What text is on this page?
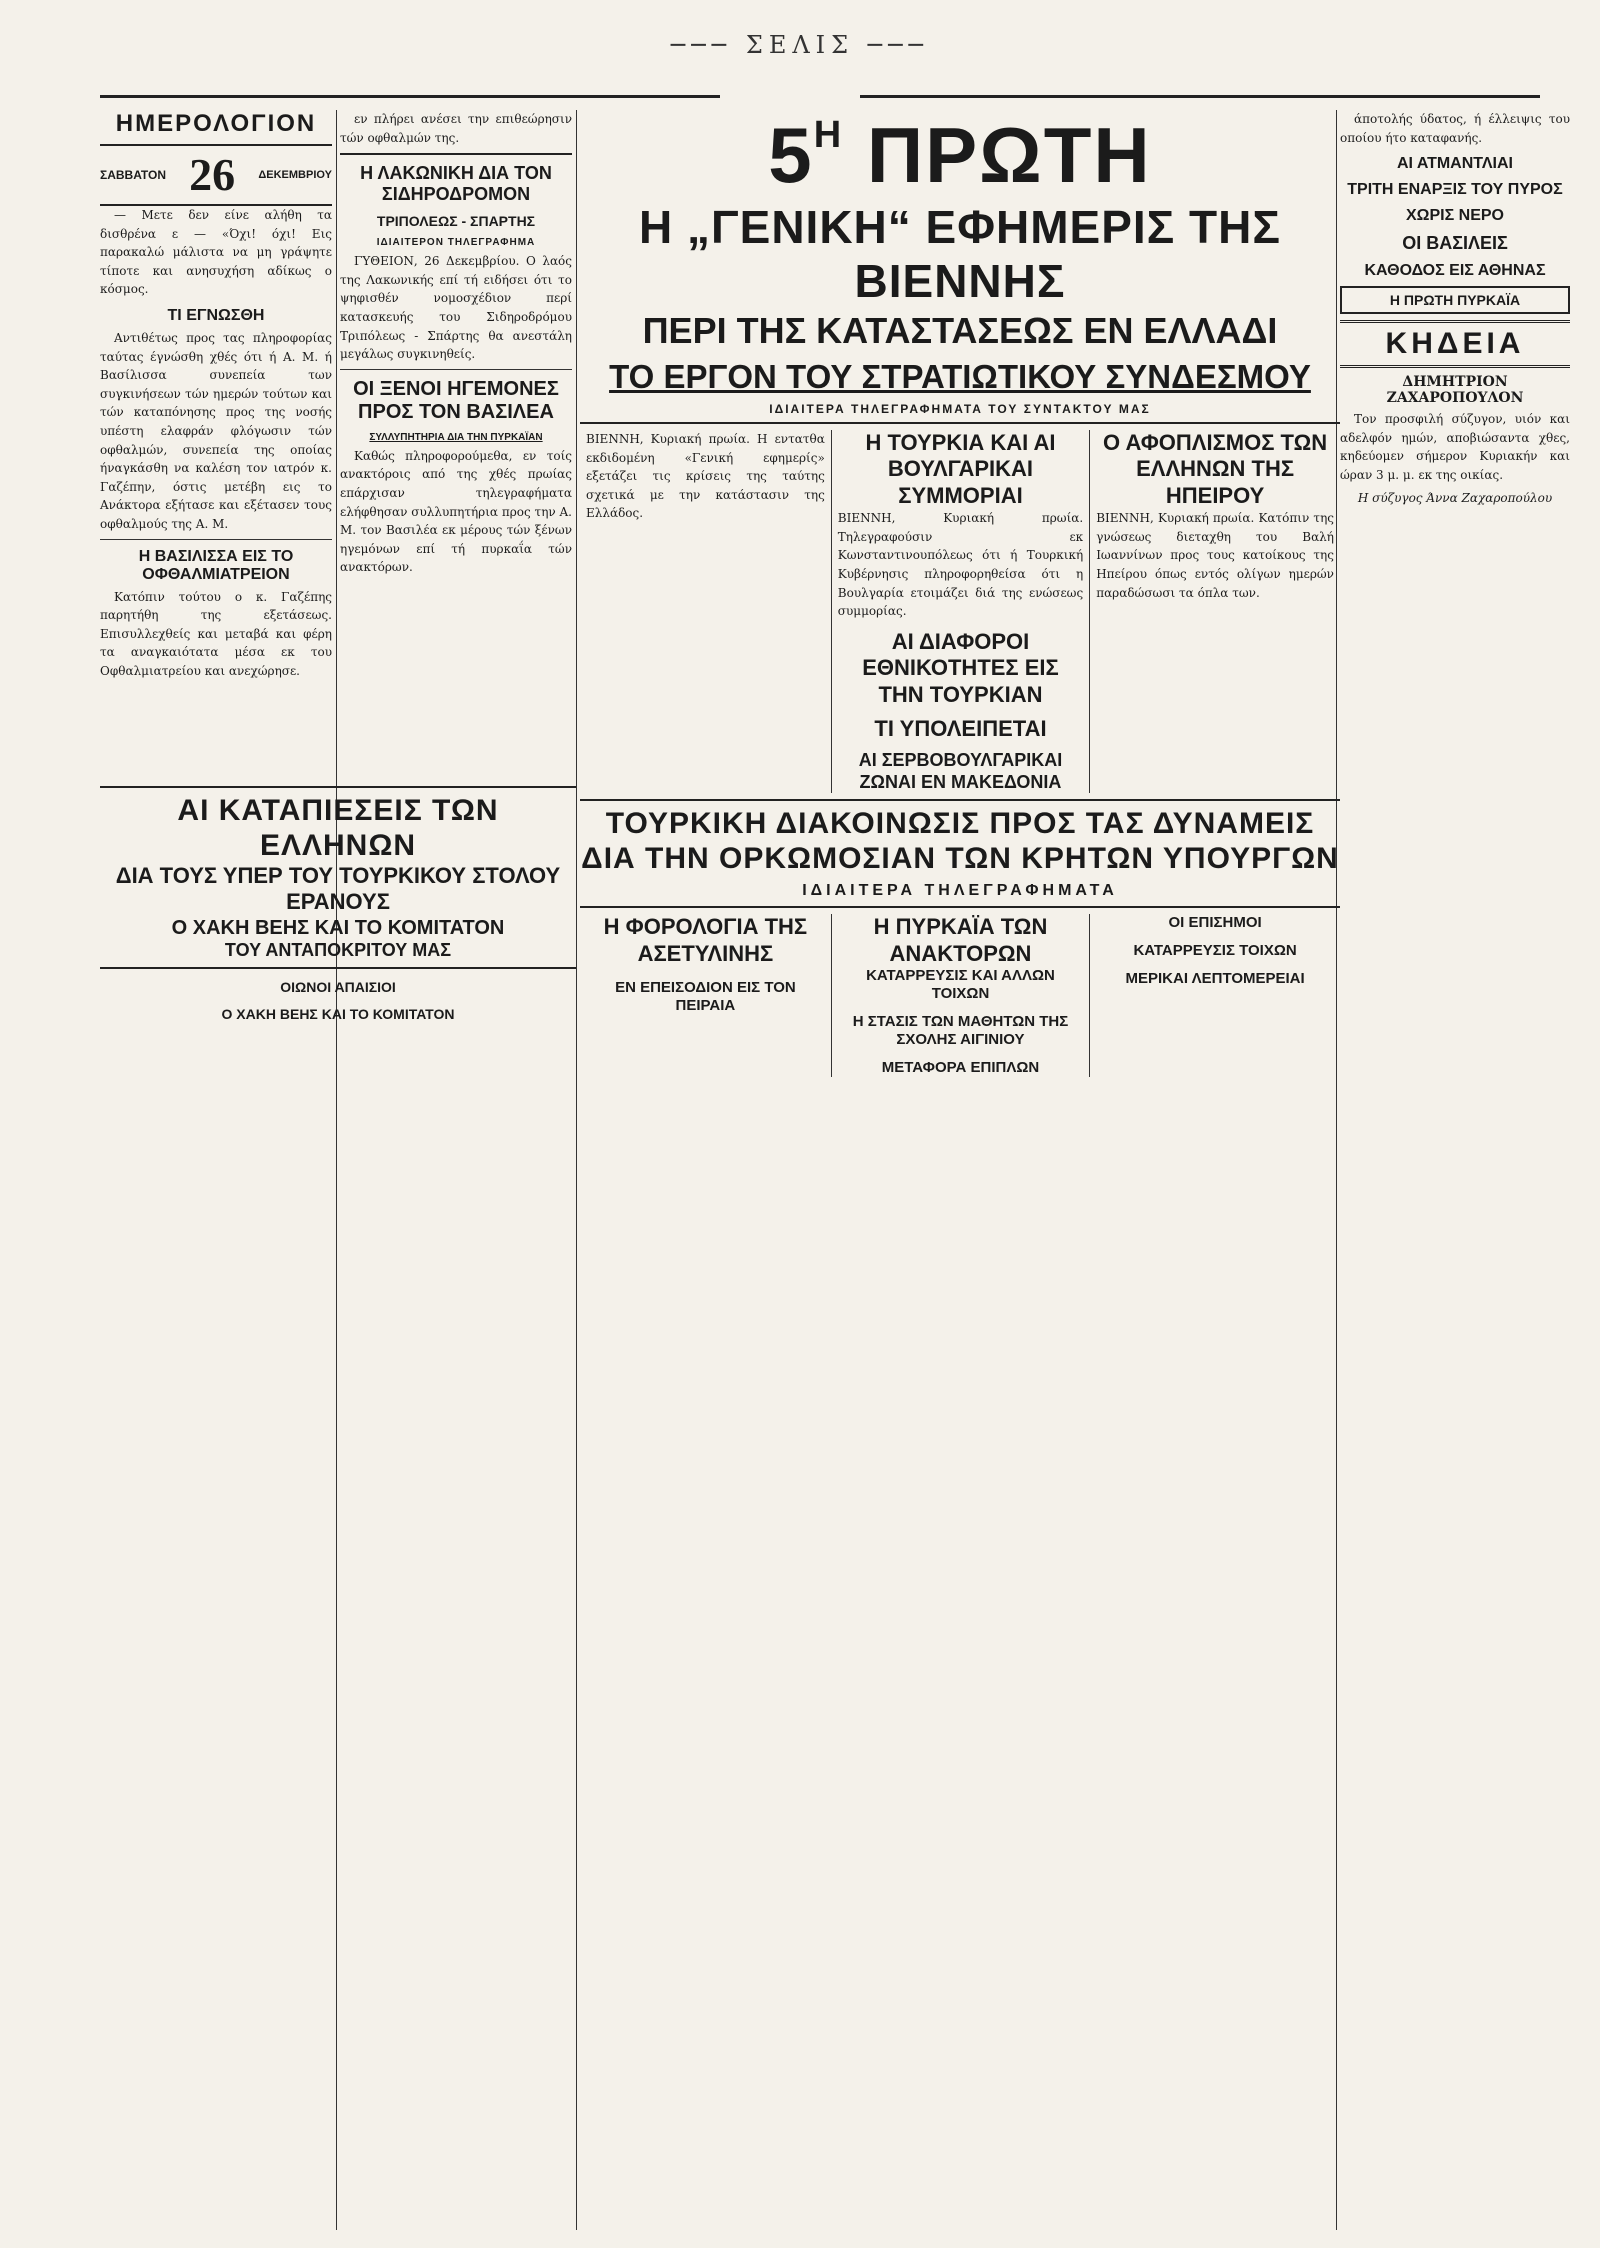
─── ΣΕΛΙΣ ───
ΗΜΕΡΟΛΟΓΙΟΝ
ΣΑΒΒΑΤΟΝ 26 ΔΕΚΕΜΒΡΙΟΥ

— Μετε δεν είνε αλήθη τα δισθρένα ε — «Όχι! όχι! Εις παρακαλώ μάλιστα να μη γράψητε τίποτε και ανησυχήση αδίκως ο κόσμος.

ΤΙ ΕΓΝΩΣΘΗ

Αντιθέτως προς τας πληροφορίας ταύτας έγνώσθη χθές ότι ή Α. Μ. ή Βασίλισσα συνεπεία των συγκινήσεων τών ημερών τούτων και τών καταπόνησης προς της νοσής υπέστη ελαφράν φλόγωσιν τών οφθαλμών, συνεπεία της οποίας ήναγκάσθη να καλέση τον ιατρόν κ. Γαζέπην, όστις μετέβη εις το Ανάκτορα εξήτασε και εξέτασεν τους οφθαλμούς της Α. Μ.

Η ΒΑΣΙΛΙΣΣΑ ΕΙΣ ΤΟ ΟΦΘΑΛΜΙΑΤΡΕΙΟΝ

Κατόπιν τούτου ο κ. Γαζέπης παρητήθη της εξετάσεως. Επισυλλεχθείς και μεταβά και φέρη τα αναγκαιότατα μέσα εκ του Οφθαλμιατρείου και ανεχώρησε.

εν πλήρει ανέσει την επιθεώρησιν τών οφθαλμών της.

Η ΛΑΚΩΝΙΚΗ ΔΙΑ ΤΟΝ ΣΙΔΗΡΟΔΡΟΜΟΝ
ΤΡΙΠΟΛΕΩΣ - ΣΠΑΡΤΗΣ
ΙΔΙΑΙΤΕΡΟΝ ΤΗΛΕΓΡΑΦΗΜΑ

ΓΥΘΕΙΟΝ, 26 Δεκεμβρίου. Ο λαός της Λακωνικής επί τή ειδήσει ότι το ψηφισθέν νομοσχέδιον περί κατασκευής του Σιδηροδρόμου Τριπόλεως - Σπάρτης θα ανεστάλη μεγάλως συγκινηθείς.

ΟΙ ΞΕΝΟΙ ΗΓΕΜΟΝΕΣ ΠΡΟΣ ΤΟΝ ΒΑΣΙΛΕΑ
ΣΥΛΛΥΠΗΤΗΡΙΑ ΔΙΑ ΤΗΝ ΠΥΡΚΑΪΑΝ

Καθώς πληροφορούμεθα, εν τοίς ανακτόροις από της χθές πρωίας επάρχισαν τηλεγραφήματα ελήφθησαν συλλυπητήρια προς την Α. Μ. τον Βασιλέα εκ μέρους τών ξένων ηγεμόνων επί τή πυρκαΐα τών ανακτόρων.

$5^H$ ΠΡΩΤΗ
Η „ΓΕΝΙΚΗ“ ΕΦΗΜΕΡΙΣ ΤΗΣ ΒΙΕΝΝΗΣ
ΠΕΡΙ ΤΗΣ ΚΑΤΑΣΤΑΣΕΩΣ ΕΝ ΕΛΛΑΔΙ
ΤΟ ΕΡΓΟΝ ΤΟΥ ΣΤΡΑΤΙΩΤΙΚΟΥ ΣΥΝΔΕΣΜΟΥ
ΙΔΙΑΙΤΕΡΑ ΤΗΛΕΓΡΑΦΗΜΑΤΑ ΤΟΥ ΣΥΝΤΑΚΤΟΥ ΜΑΣ
ΒΙΕΝΝΗ, Κυριακή πρωία. Η εντατθα εκδιδομένη «Γενική εφημερίς» εξετάζει τις κρίσεις της ταύτης σχετικά με την κατάστασιν της Ελλάδος.
Η ΤΟΥΡΚΙΑ ΚΑΙ ΑΙ ΒΟΥΛΓΑΡΙΚΑΙ ΣΥΜΜΟΡΙΑΙ
ΒΙΕΝΝΗ, Κυριακή πρωία. Τηλεγραφούσιν εκ Κωνσταντινουπόλεως ότι ή Τουρκική Κυβέρνησις πληροφορηθείσα ότι η Βουλγαρία ετοιμάζει διά της ενώσεως συμμορίας.
ΑΙ ΔΙΑΦΟΡΟΙ ΕΘΝΙΚΟΤΗΤΕΣ ΕΙΣ ΤΗΝ ΤΟΥΡΚΙΑΝ
ΤΙ ΥΠΟΛΕΙΠΕΤΑΙ
ΑΙ ΣΕΡΒΟΒΟΥΛΓΑΡΙΚΑΙ ΖΩΝΑΙ ΕΝ ΜΑΚΕΔΟΝΙΑ
Ο ΑΦΟΠΛΙΣΜΟΣ ΤΩΝ ΕΛΛΗΝΩΝ ΤΗΣ ΗΠΕΙΡΟΥ
ΒΙΕΝΝΗ, Κυριακή πρωία. Κατόπιν της γνώσεως διεταχθη του Βαλή Ιωαννίνων προς τους κατοίκους της Ηπείρου όπως εντός ολίγων ημερών παραδώσωσι τα όπλα των.
ΤΟΥΡΚΙΚΗ ΔΙΑΚΟΙΝΩΣΙΣ ΠΡΟΣ ΤΑΣ ΔΥΝΑΜΕΙΣ
ΔΙΑ ΤΗΝ ΟΡΚΩΜΟΣΙΑΝ ΤΩΝ ΚΡΗΤΩΝ ΥΠΟΥΡΓΩΝ
ΙΔΙΑΙΤΕΡΑ ΤΗΛΕΓΡΑΦΗΜΑΤΑ
Η ΦΟΡΟΛΟΓΙΑ ΤΗΣ ΑΣΕΤΥΛΙΝΗΣ
ΕΝ ΕΠΕΙΣΟΔΙΟΝ ΕΙΣ ΤΟΝ ΠΕΙΡΑΙΑ
Η ΠΥΡΚΑΪΑ ΤΩΝ ΑΝΑΚΤΟΡΩΝ
ΚΑΤΑΡΡΕΥΣΙΣ ΚΑΙ ΑΛΛΩΝ ΤΟΙΧΩΝ
Η ΣΤΑΣΙΣ ΤΩΝ ΜΑΘΗΤΩΝ ΤΗΣ ΣΧΟΛΗΣ ΑΙΓΙΝΙΟΥ
ΜΕΤΑΦΟΡΑ ΕΠΙΠΛΩΝ
ΟΙ ΕΠΙΣΗΜΟΙ
ΚΑΤΑΡΡΕΥΣΙΣ ΤΟΙΧΩΝ
ΜΕΡΙΚΑΙ ΛΕΠΤΟΜΕΡΕΙΑΙ
ΑΙ ΚΑΤΑΠΙΕΣΕΙΣ ΤΩΝ ΕΛΛΗΝΩΝ
ΔΙΑ ΤΟΥΣ ΥΠΕΡ ΤΟΥ ΤΟΥΡΚΙΚΟΥ ΣΤΟΛΟΥ ΕΡΑΝΟΥΣ
Ο ΧΑΚΗ ΒΕΗΣ ΚΑΙ ΤΟ ΚΟΜΙΤΑΤΟΝ
ΤΟΥ ΑΝΤΑΠΟΚΡΙΤΟΥ ΜΑΣ
ΟΙΩΝΟΙ ΑΠΑΙΣΙΟΙ
Ο ΧΑΚΗ ΒΕΗΣ ΚΑΙ ΤΟ ΚΟΜΙΤΑΤΟΝ

άποτολής ύδατος, ή έλλειψις του οποίου ήτο καταφανής.

ΑΙ ΑΤΜΑΝΤΛΙΑΙ
ΤΡΙΤΗ ΕΝΑΡΞΙΣ ΤΟΥ ΠΥΡΟΣ
ΧΩΡΙΣ ΝΕΡΟ
ΟΙ ΒΑΣΙΛΕΙΣ
ΚΑΘΟΔΟΣ ΕΙΣ ΑΘΗΝΑΣ
Η ΠΡΩΤΗ ΠΥΡΚΑΪΑ
ΚΗΔΕΙΑ
ΔΗΜΗΤΡΙΟΝ ΖΑΧΑΡΟΠΟΥΛΟΝ

Τον προσφιλή σύζυγον, υιόν και αδελφόν ημών, αποβιώσαντα χθες, κηδεύομεν σήμερον Κυριακήν και ώραν 3 μ. μ. εκ της οικίας.

Η σύζυγος Άννα Ζαχαροπούλου
